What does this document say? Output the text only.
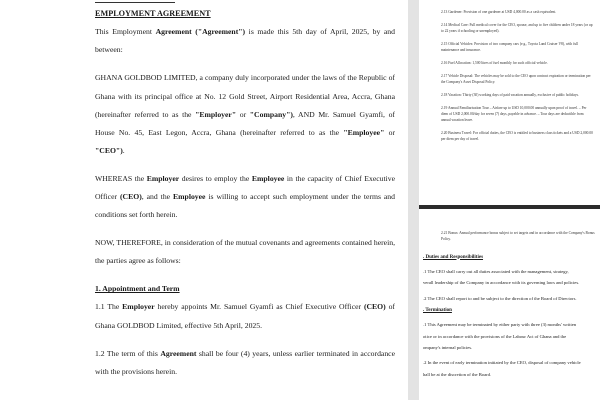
EMPLOYMENT AGREEMENT

This Employment Agreement ("Agreement") is made this 5th day of April, 2025, by and between:

GHANA GOLDBOD LIMITED, a company duly incorporated under the laws of the Republic of Ghana with its principal office at No. 12 Gold Street, Airport Residential Area, Accra, Ghana (hereinafter referred to as the "Employer" or "Company"), AND Mr. Samuel Gyamfi, of House No. 45, East Legon, Accra, Ghana (hereinafter referred to as the "Employee" or "CEO").

WHEREAS the Employer desires to employ the Employee in the capacity of Chief Executive Officer (CEO), and the Employee is willing to accept such employment under the terms and conditions set forth herein.

NOW, THEREFORE, in consideration of the mutual covenants and agreements contained herein, the parties agree as follows:

1. Appointment and Term

1.1 The Employer hereby appoints Mr. Samuel Gyamfi as Chief Executive Officer (CEO) of Ghana GOLDBOD Limited, effective 5th April, 2025.

1.2 The term of this Agreement shall be four (4) years, unless earlier terminated in accordance with the provisions herein.

2.13 Gardener: Provision of one gardener at USD 4,000.00 as a cash equivalent.
2.14 Medical Care: Full medical cover for the CEO, spouse, and up to five children under 18 years (or up to 22 years if schooling or unemployed).
2.15 Official Vehicles: Provision of two company cars (e.g., Toyota Land Cruiser V8), with full maintenance and insurance.
2.16 Fuel Allocation: 1,500 litres of fuel monthly for such official vehicle.
2.17 Vehicle Disposal: The vehicles may be sold to the CEO upon contract expiration or termination per the Company's Asset Disposal Policy.
2.18 Vacation: Thirty (30) working days of paid vacation annually, exclusive of public holidays.
2.19 Annual Familiarisation Tour – Airfare up to USD 10,000.00 annually upon proof of travel. – Per diem of USD 2,000.00/day for seven (7) days, payable in advance. – Tour days are deductible from annual vacation leave.
2.20 Business Travel: For official duties, the CEO is entitled to business class tickets and a USD 2,000.00 per diem per day of travel.
2.21 Bonus: Annual performance bonus subject to set targets and in accordance with the Company's Bonus Policy.
. Duties and Responsibilities
.1 The CEO shall carry out all duties associated with the management, strategy,
verall leadership of the Company in accordance with its governing laws and policies.
.2 The CEO shall report to and be subject to the direction of the Board of Directors.
. Termination
.1 This Agreement may be terminated by either party with three (3) months' written
otice or in accordance with the provisions of the Labour Act of Ghana and the
ompany's internal policies.
.2 In the event of early termination initiated by the CEO, disposal of company vehicle
hall be at the discretion of the Board.
